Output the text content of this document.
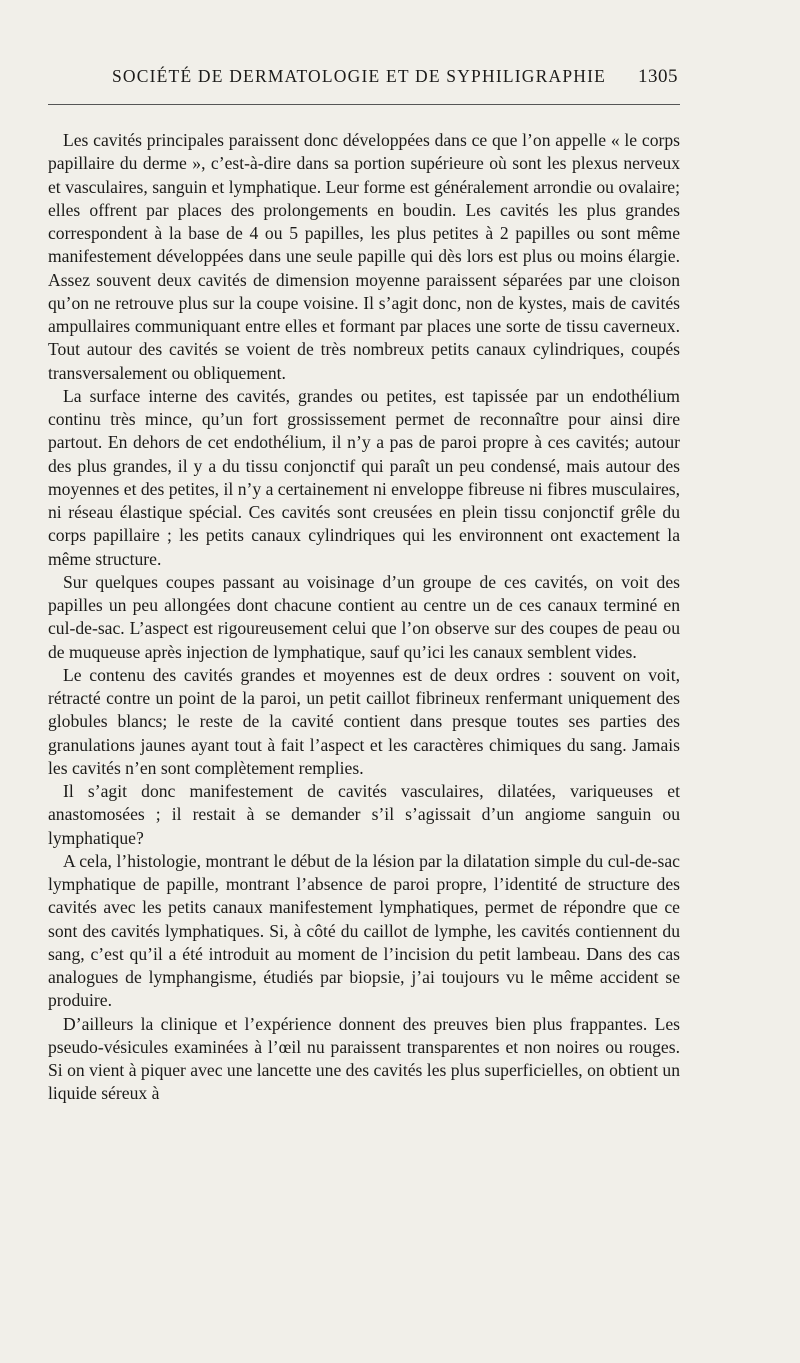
SOCIÉTÉ DE DERMATOLOGIE ET DE SYPHILIGRAPHIE 1305

Les cavités principales paraissent donc développées dans ce que l’on appelle « le corps papillaire du derme », c’est-à-dire dans sa portion supérieure où sont les plexus nerveux et vasculaires, sanguin et lymphatique. Leur forme est généralement arrondie ou ovalaire; elles offrent par places des prolongements en boudin. Les cavités les plus grandes correspondent à la base de 4 ou 5 papilles, les plus petites à 2 papilles ou sont même manifestement développées dans une seule papille qui dès lors est plus ou moins élargie. Assez souvent deux cavités de dimension moyenne paraissent séparées par une cloison qu’on ne retrouve plus sur la coupe voisine. Il s’agit donc, non de kystes, mais de cavités ampullaires communiquant entre elles et formant par places une sorte de tissu caverneux. Tout autour des cavités se voient de très nombreux petits canaux cylindriques, coupés transversalement ou obliquement.

La surface interne des cavités, grandes ou petites, est tapissée par un endothélium continu très mince, qu’un fort grossissement permet de reconnaître pour ainsi dire partout. En dehors de cet endothélium, il n’y a pas de paroi propre à ces cavités; autour des plus grandes, il y a du tissu conjonctif qui paraît un peu condensé, mais autour des moyennes et des petites, il n’y a certainement ni enveloppe fibreuse ni fibres musculaires, ni réseau élastique spécial. Ces cavités sont creusées en plein tissu conjonctif grêle du corps papillaire ; les petits canaux cylindriques qui les environnent ont exactement la même structure.

Sur quelques coupes passant au voisinage d’un groupe de ces cavités, on voit des papilles un peu allongées dont chacune contient au centre un de ces canaux terminé en cul-de-sac. L’aspect est rigoureusement celui que l’on observe sur des coupes de peau ou de muqueuse après injection de lymphatique, sauf qu’ici les canaux semblent vides.

Le contenu des cavités grandes et moyennes est de deux ordres : souvent on voit, rétracté contre un point de la paroi, un petit caillot fibrineux renfermant uniquement des globules blancs; le reste de la cavité contient dans presque toutes ses parties des granulations jaunes ayant tout à fait l’aspect et les caractères chimiques du sang. Jamais les cavités n’en sont complètement remplies.

Il s’agit donc manifestement de cavités vasculaires, dilatées, variqueuses et anastomosées ; il restait à se demander s’il s’agissait d’un angiome sanguin ou lymphatique?

A cela, l’histologie, montrant le début de la lésion par la dilatation simple du cul-de-sac lymphatique de papille, montrant l’absence de paroi propre, l’identité de structure des cavités avec les petits canaux manifestement lymphatiques, permet de répondre que ce sont des cavités lymphatiques. Si, à côté du caillot de lymphe, les cavités contiennent du sang, c’est qu’il a été introduit au moment de l’incision du petit lambeau. Dans des cas analogues de lymphangisme, étudiés par biopsie, j’ai toujours vu le même accident se produire.

D’ailleurs la clinique et l’expérience donnent des preuves bien plus frappantes. Les pseudo-vésicules examinées à l’œil nu paraissent transparentes et non noires ou rouges. Si on vient à piquer avec une lancette une des cavités les plus superficielles, on obtient un liquide séreux à
